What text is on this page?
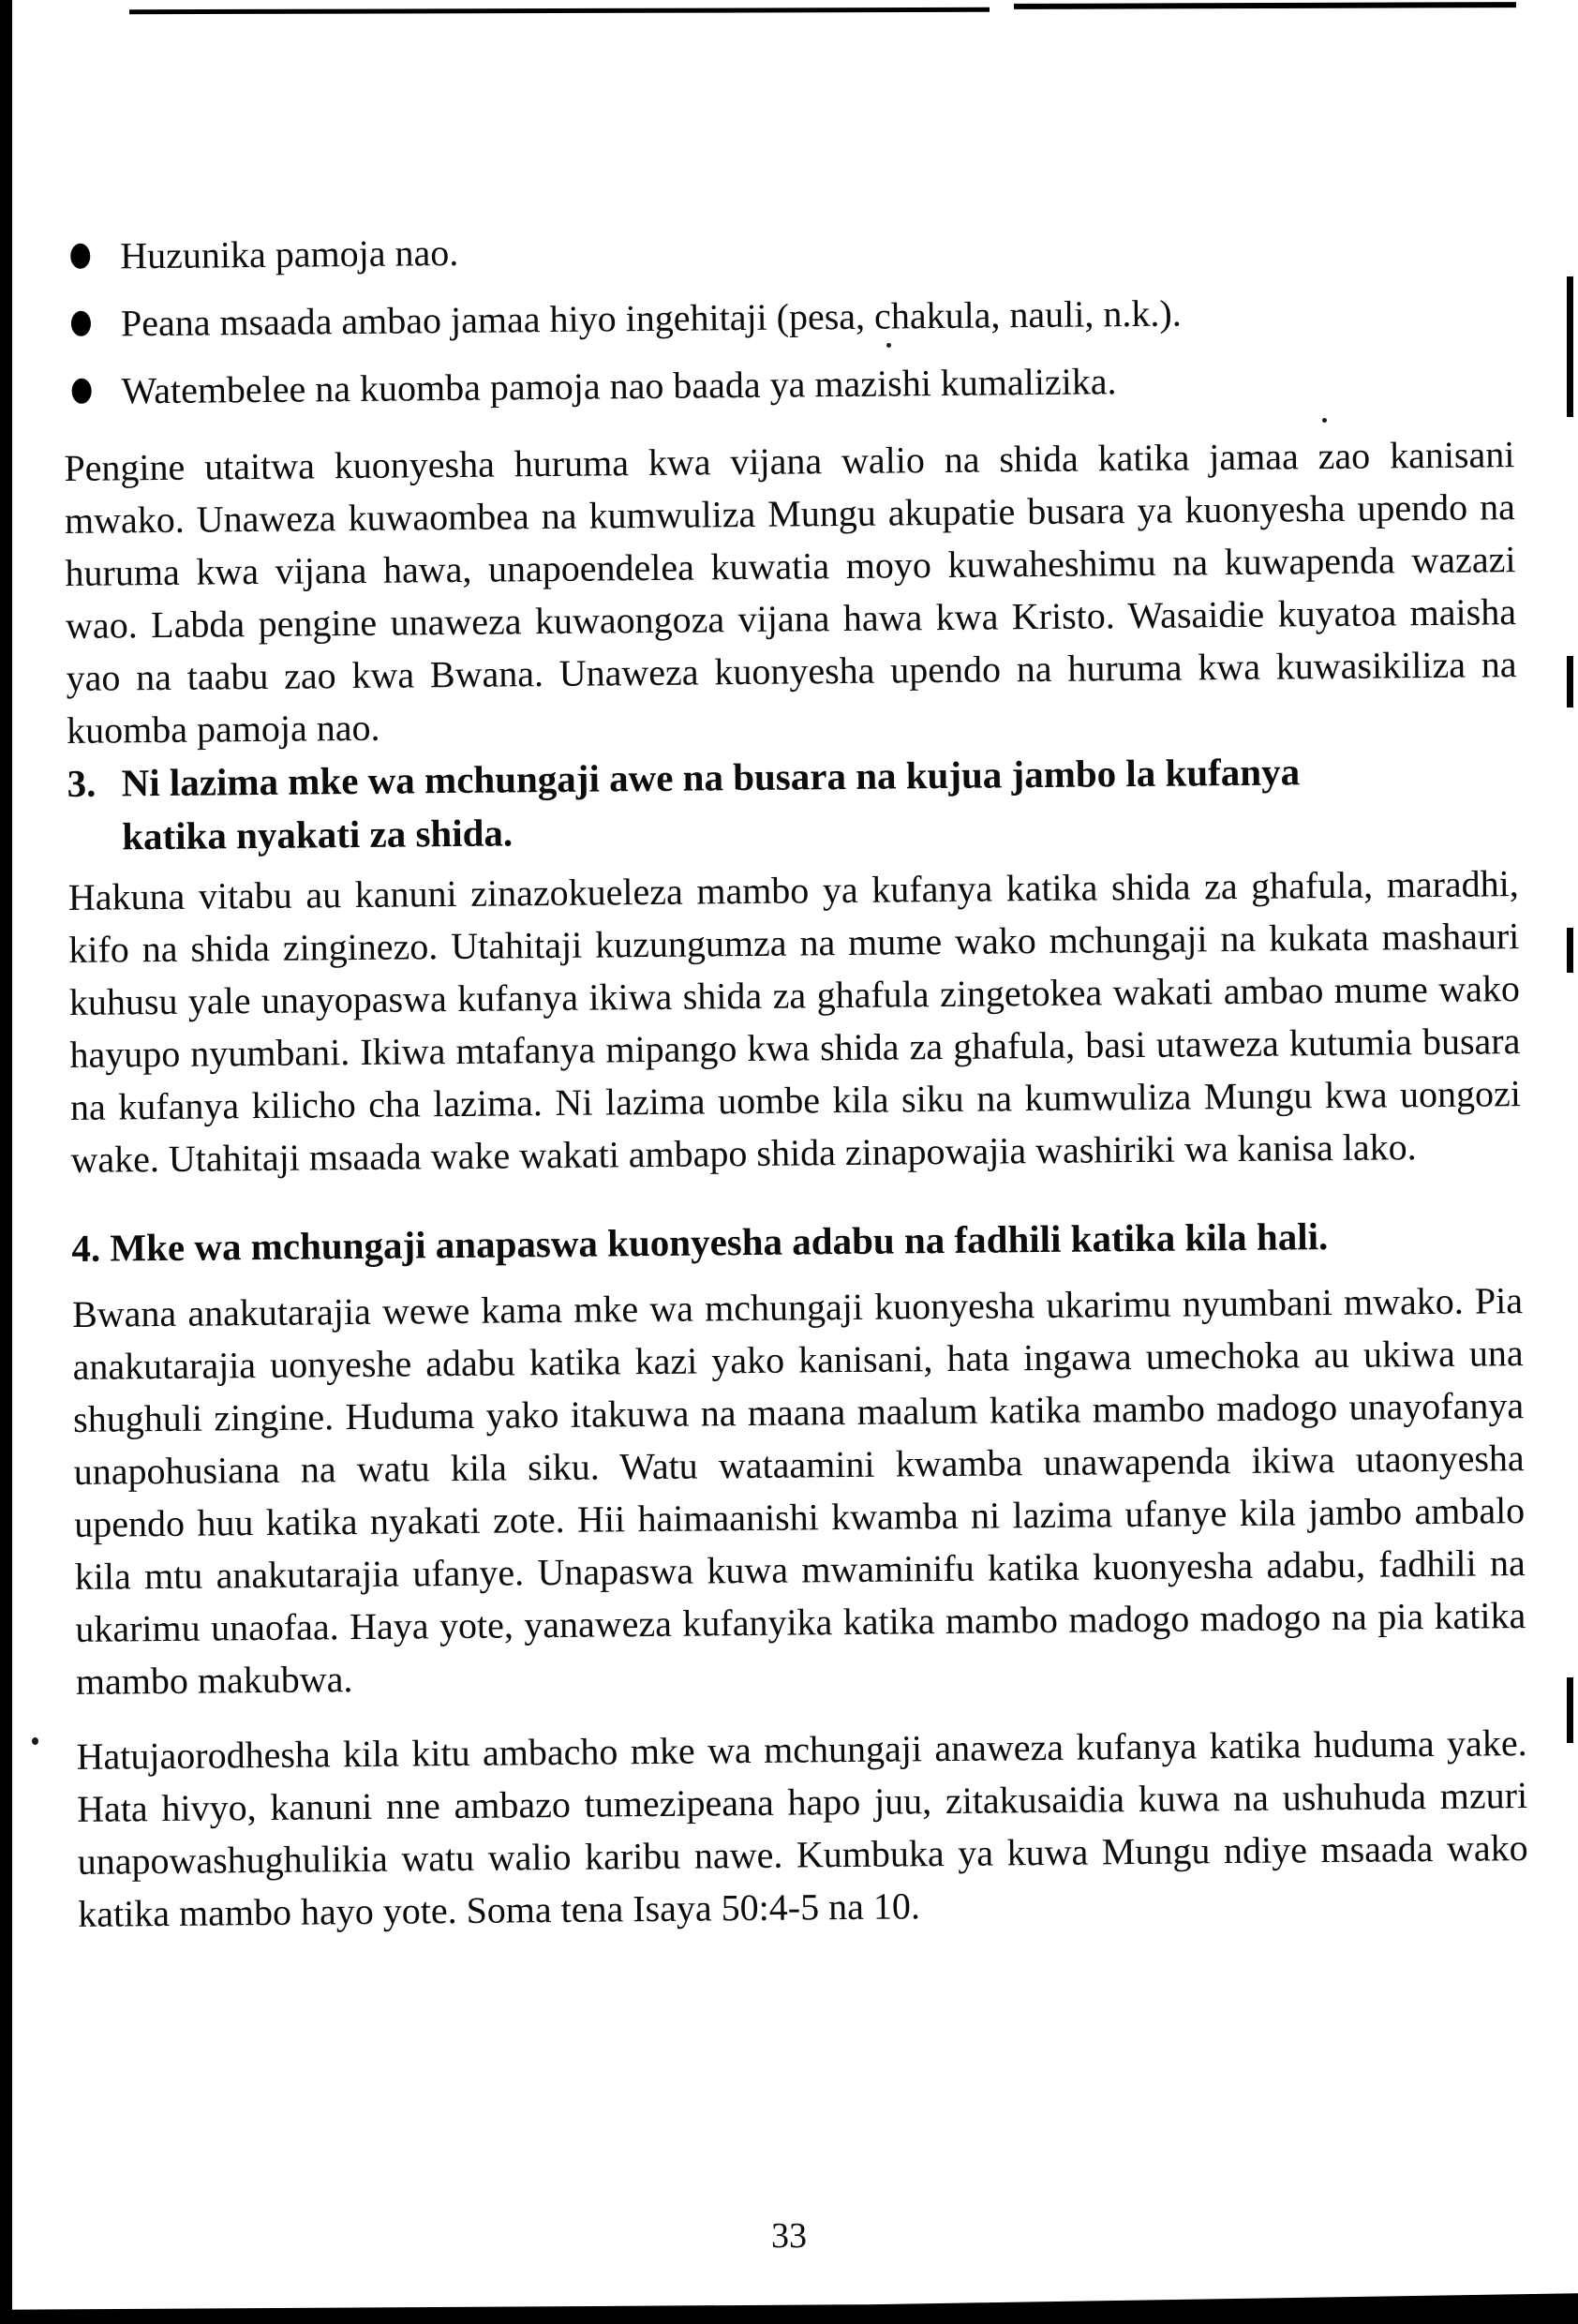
Huzunika pamoja nao.
Peana msaada ambao jamaa hiyo ingehitaji (pesa, chakula, nauli, n.k.).
Watembelee na kuomba pamoja nao baada ya mazishi kumalizika.

Pengine utaitwa kuonyesha huruma kwa vijana walio na shida katika jamaa zao kanisani mwako. Unaweza kuwaombea na kumwuliza Mungu akupatie busara ya kuonyesha upendo na huruma kwa vijana hawa, unapoendelea kuwatia moyo kuwaheshimu na kuwapenda wazazi wao. Labda pengine unaweza kuwaongoza vijana hawa kwa Kristo. Wasaidie kuyatoa maisha yao na taabu zao kwa Bwana. Unaweza kuonyesha upendo na huruma kwa kuwasikiliza na kuomba pamoja nao.

3. Ni lazima mke wa mchungaji awe na busara na kujua jambo la kufanya
katika nyakati za shida.

Hakuna vitabu au kanuni zinazokueleza mambo ya kufanya katika shida za ghafula, maradhi, kifo na shida zinginezo. Utahitaji kuzungumza na mume wako mchungaji na kukata mashauri kuhusu yale unayopaswa kufanya ikiwa shida za ghafula zingetokea wakati ambao mume wako hayupo nyumbani. Ikiwa mtafanya mipango kwa shida za ghafula, basi utaweza kutumia busara na kufanya kilicho cha lazima. Ni lazima uombe kila siku na kumwuliza Mungu kwa uongozi wake. Utahitaji msaada wake wakati ambapo shida zinapowajia washiriki wa kanisa lako.

4. Mke wa mchungaji anapaswa kuonyesha adabu na fadhili katika kila hali.

Bwana anakutarajia wewe kama mke wa mchungaji kuonyesha ukarimu nyumbani mwako. Pia anakutarajia uonyeshe adabu katika kazi yako kanisani, hata ingawa umechoka au ukiwa una shughuli zingine. Huduma yako itakuwa na maana maalum katika mambo madogo unayofanya unapohusiana na watu kila siku. Watu wataamini kwamba unawapenda ikiwa utaonyesha upendo huu katika nyakati zote. Hii haimaanishi kwamba ni lazima ufanye kila jambo ambalo kila mtu anakutarajia ufanye. Unapaswa kuwa mwaminifu katika kuonyesha adabu, fadhili na ukarimu unaofaa. Haya yote, yanaweza kufanyika katika mambo madogo madogo na pia katika mambo makubwa.

Hatujaorodhesha kila kitu ambacho mke wa mchungaji anaweza kufanya katika huduma yake. Hata hivyo, kanuni nne ambazo tumezipeana hapo juu, zitakusaidia kuwa na ushuhuda mzuri unapowashughulikia watu walio karibu nawe. Kumbuka ya kuwa Mungu ndiye msaada wako katika mambo hayo yote. Soma tena Isaya 50:4-5 na 10.

33
